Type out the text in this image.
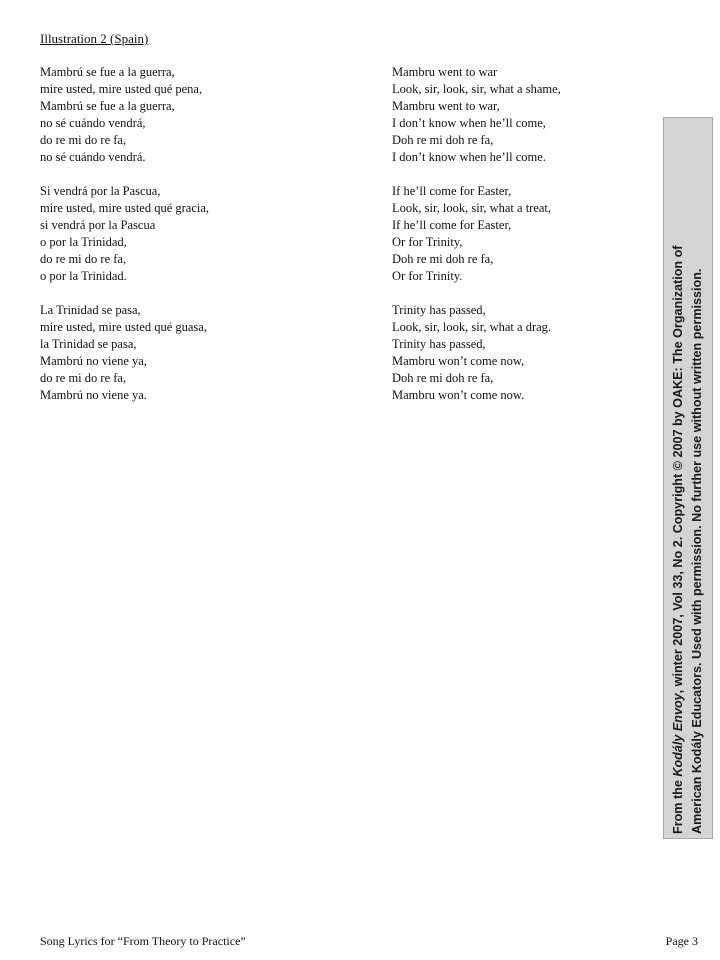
Illustration 2 (Spain)
Mambrú se fue a la guerra,
mire usted, mire usted qué pena,
Mambrú se fue a la guerra,
no sé cuándo vendrá,
do re mi do re fa,
no sé cuándo vendrá.
Si vendrá por la Pascua,
mire usted, mire usted qué gracia,
si vendrá por la Pascua
o por la Trinidad,
do re mi do re fa,
o por la Trinidad.
La Trinidad se pasa,
mire usted, mire usted qué guasa,
la Trinidad se pasa,
Mambrú no viene ya,
do re mi do re fa,
Mambrú no viene ya.
Mambru went to war
Look, sir, look, sir, what a shame,
Mambru went to war,
I don’t know when he’ll come,
Doh re mi doh re fa,
I don’t know when he’ll come.
If he’ll come for Easter,
Look, sir, look, sir, what a treat,
If he’ll come for Easter,
Or for Trinity,
Doh re mi doh re fa,
Or for Trinity.
Trinity has passed,
Look, sir, look, sir, what a drag.
Trinity has passed,
Mambru won’t come now,
Doh re mi doh re fa,
Mambru won’t come now.
From the Kodály Envoy, winter 2007, Vol 33, No 2. Copyright © 2007 by OAKE: The Organization of American Kodály Educators. Used with permission. No further use without written permission.
Song Lyrics for “From Theory to Practice”	Page 3
